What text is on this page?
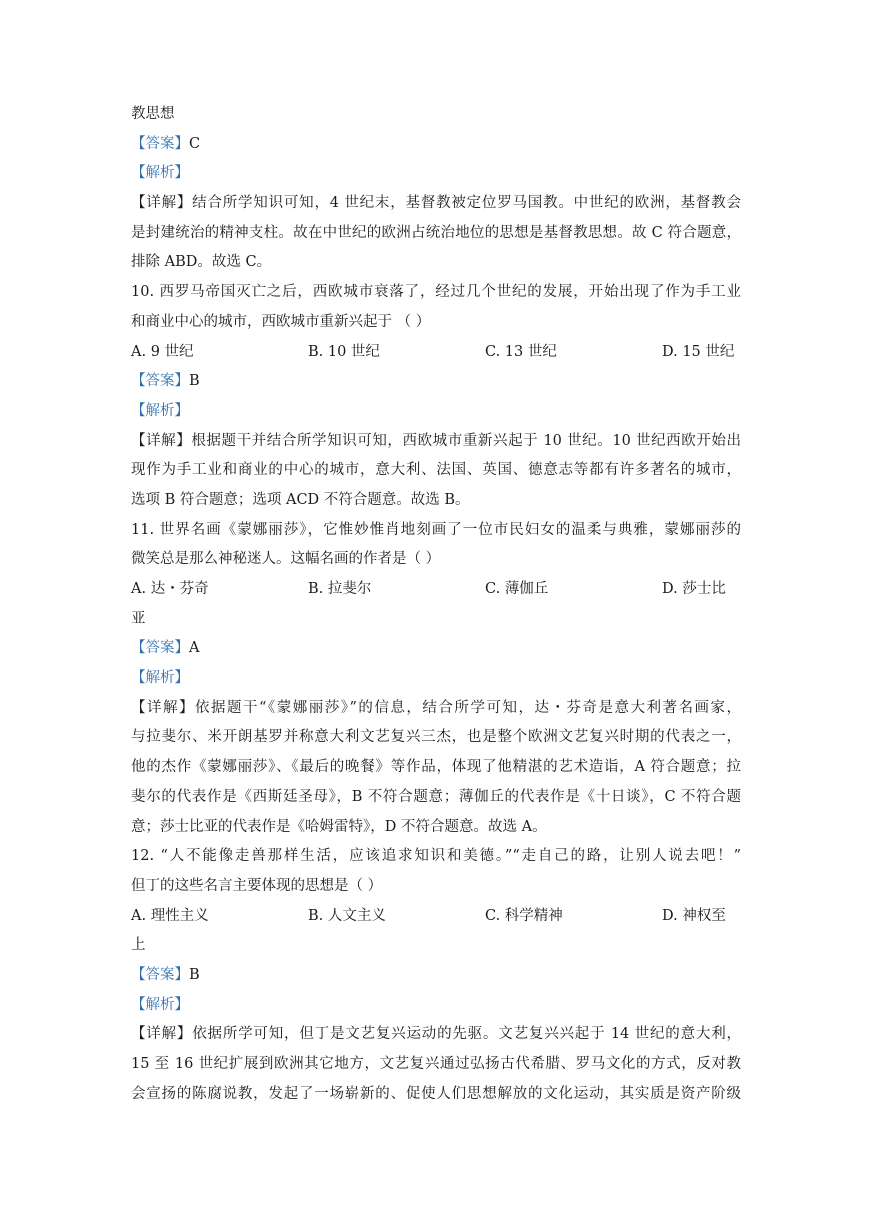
教思想
【答案】C
【解析】
【详解】结合所学知识可知，4 世纪末，基督教被定位罗马国教。中世纪的欧洲，基督教会
是封建统治的精神支柱。故在中世纪的欧洲占统治地位的思想是基督教思想。故 C 符合题意，
排除 ABD。故选 C。
10. 西罗马帝国灭亡之后，西欧城市衰落了，经过几个世纪的发展，开始出现了作为手工业
和商业中心的城市，西欧城市重新兴起于 （ ）
A. 9 世纪	B. 10 世纪	C. 13 世纪	D. 15 世纪
【答案】B
【解析】
【详解】根据题干并结合所学知识可知，西欧城市重新兴起于 10 世纪。10 世纪西欧开始出
现作为手工业和商业的中心的城市，意大利、法国、英国、德意志等都有许多著名的城市，
选项 B 符合题意；选项 ACD 不符合题意。故选 B。
11. 世界名画《蒙娜丽莎》，它惟妙惟肖地刻画了一位市民妇女的温柔与典雅，蒙娜丽莎的
微笑总是那么神秘迷人。这幅名画的作者是（ ）
A. 达・芬奇	B. 拉斐尔	C. 薄伽丘	D. 莎士比
亚
【答案】A
【解析】
【详解】依据题干“《蒙娜丽莎》”的信息，结合所学可知，达・芬奇是意大利著名画家，
与拉斐尔、米开朗基罗并称意大利文艺复兴三杰，也是整个欧洲文艺复兴时期的代表之一，
他的杰作《蒙娜丽莎》、《最后的晚餐》等作品，体现了他精湛的艺术造诣，A 符合题意；拉
斐尔的代表作是《西斯廷圣母》，B 不符合题意；薄伽丘的代表作是《十日谈》，C 不符合题
意；莎士比亚的代表作是《哈姆雷特》，D 不符合题意。故选 A。
12. “人不能像走兽那样生活，应该追求知识和美德。”“走自己的路，让别人说去吧！”
但丁的这些名言主要体现的思想是（ ）
A. 理性主义	B. 人文主义	C. 科学精神	D. 神权至
上
【答案】B
【解析】
【详解】依据所学可知，但丁是文艺复兴运动的先驱。文艺复兴兴起于 14 世纪的意大利，
15 至 16 世纪扩展到欧洲其它地方，文艺复兴通过弘扬古代希腊、罗马文化的方式，反对教
会宣扬的陈腐说教，发起了一场崭新的、促使人们思想解放的文化运动，其实质是资产阶级
